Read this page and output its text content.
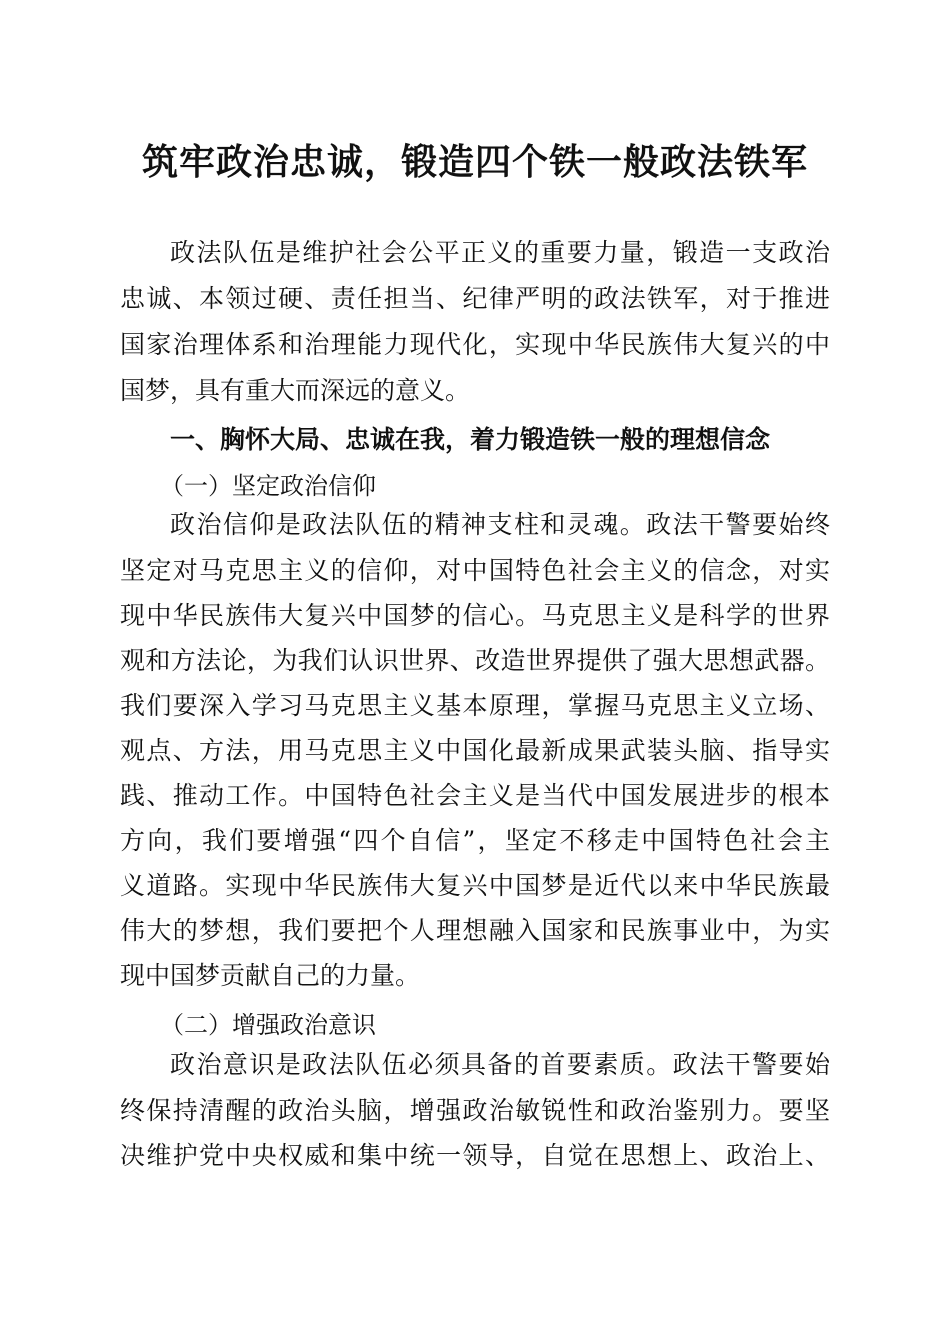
筑牢政治忠诚，锻造四个铁一般政法铁军
政法队伍是维护社会公平正义的重要力量，锻造一支政治
忠诚、本领过硬、责任担当、纪律严明的政法铁军，对于推进
国家治理体系和治理能力现代化，实现中华民族伟大复兴的中
国梦，具有重大而深远的意义。
一、胸怀大局、忠诚在我，着力锻造铁一般的理想信念
（一）坚定政治信仰
政治信仰是政法队伍的精神支柱和灵魂。政法干警要始终
坚定对马克思主义的信仰，对中国特色社会主义的信念，对实
现中华民族伟大复兴中国梦的信心。马克思主义是科学的世界
观和方法论，为我们认识世界、改造世界提供了强大思想武器。
我们要深入学习马克思主义基本原理，掌握马克思主义立场、
观点、方法，用马克思主义中国化最新成果武装头脑、指导实
践、推动工作。中国特色社会主义是当代中国发展进步的根本
方向，我们要增强“四个自信”，坚定不移走中国特色社会主
义道路。实现中华民族伟大复兴中国梦是近代以来中华民族最
伟大的梦想，我们要把个人理想融入国家和民族事业中，为实
现中国梦贡献自己的力量。
（二）增强政治意识
政治意识是政法队伍必须具备的首要素质。政法干警要始
终保持清醒的政治头脑，增强政治敏锐性和政治鉴别力。要坚
决维护党中央权威和集中统一领导，自觉在思想上、政治上、
